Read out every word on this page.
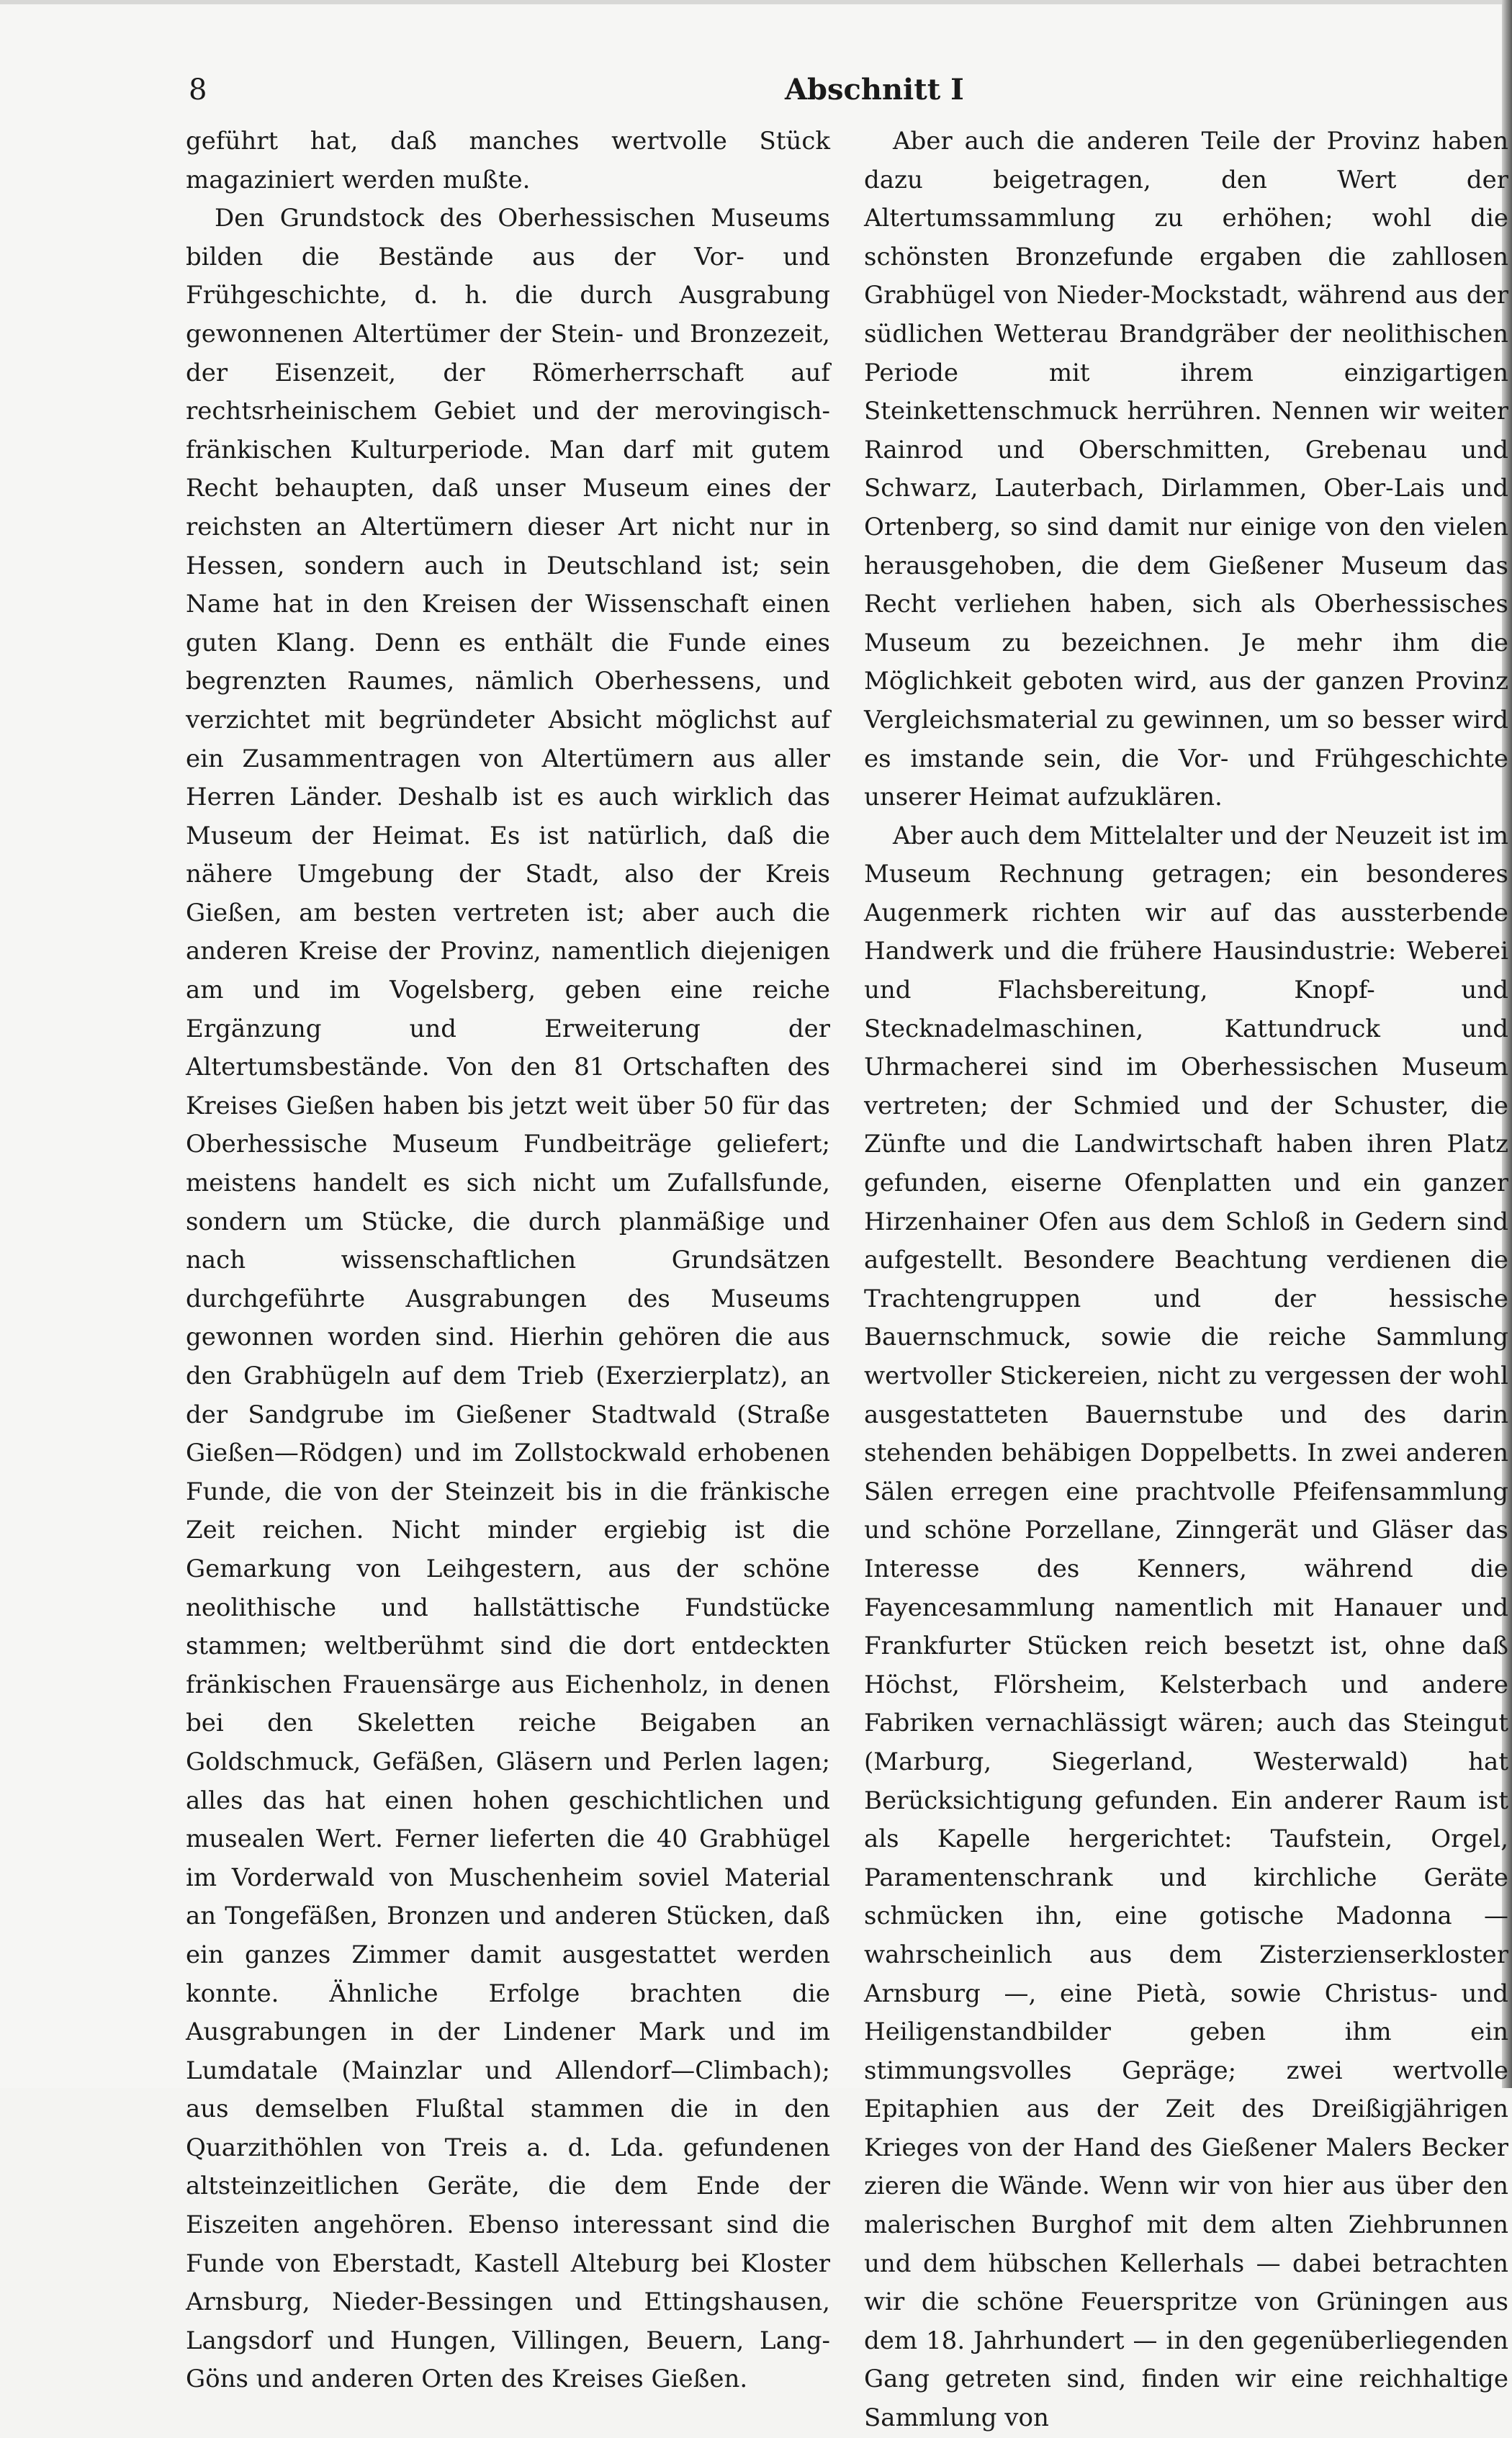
8	Abschnitt I

geführt hat, daß manches wertvolle Stück magaziniert werden mußte.

Den Grundstock des Oberhessischen Museums bilden die Bestände aus der Vor- und Frühgeschichte, d. h. die durch Ausgrabung gewonnenen Altertümer der Stein- und Bronzezeit, der Eisenzeit, der Römerherrschaft auf rechtsrheinischem Gebiet und der merovingisch-fränkischen Kulturperiode. Man darf mit gutem Recht behaupten, daß unser Museum eines der reichsten an Altertümern dieser Art nicht nur in Hessen, sondern auch in Deutschland ist; sein Name hat in den Kreisen der Wissenschaft einen guten Klang. Denn es enthält die Funde eines begrenzten Raumes, nämlich Oberhessens, und verzichtet mit begründeter Absicht möglichst auf ein Zusammentragen von Altertümern aus aller Herren Länder. Deshalb ist es auch wirklich das Museum der Heimat. Es ist natürlich, daß die nähere Umgebung der Stadt, also der Kreis Gießen, am besten vertreten ist; aber auch die anderen Kreise der Provinz, namentlich diejenigen am und im Vogelsberg, geben eine reiche Ergänzung und Erweiterung der Altertumsbestände. Von den 81 Ortschaften des Kreises Gießen haben bis jetzt weit über 50 für das Oberhessische Museum Fundbeiträge geliefert; meistens handelt es sich nicht um Zufallsfunde, sondern um Stücke, die durch planmäßige und nach wissenschaftlichen Grundsätzen durchgeführte Ausgrabungen des Museums gewonnen worden sind. Hierhin gehören die aus den Grabhügeln auf dem Trieb (Exerzierplatz), an der Sandgrube im Gießener Stadtwald (Straße Gießen—Rödgen) und im Zollstockwald erhobenen Funde, die von der Steinzeit bis in die fränkische Zeit reichen. Nicht minder ergiebig ist die Gemarkung von Leihgestern, aus der schöne neolithische und hallstättische Fundstücke stammen; weltberühmt sind die dort entdeckten fränkischen Frauensärge aus Eichenholz, in denen bei den Skeletten reiche Beigaben an Goldschmuck, Gefäßen, Gläsern und Perlen lagen; alles das hat einen hohen geschichtlichen und musealen Wert. Ferner lieferten die 40 Grabhügel im Vorderwald von Muschenheim soviel Material an Tongefäßen, Bronzen und anderen Stücken, daß ein ganzes Zimmer damit ausgestattet werden konnte. Ähnliche Erfolge brachten die Ausgrabungen in der Lindener Mark und im Lumdatale (Mainzlar und Allendorf—Climbach); aus demselben Flußtal stammen die in den Quarzithöhlen von Treis a. d. Lda. gefundenen altsteinzeitlichen Geräte, die dem Ende der Eiszeiten angehören. Ebenso interessant sind die Funde von Eberstadt, Kastell Alteburg bei Kloster Arnsburg, Nieder-Bessingen und Ettingshausen, Langsdorf und Hungen, Villingen, Beuern, Lang-Göns und anderen Orten des Kreises Gießen.

Aber auch die anderen Teile der Provinz haben dazu beigetragen, den Wert der Altertumssammlung zu erhöhen; wohl die schönsten Bronzefunde ergaben die zahllosen Grabhügel von Nieder-Mockstadt, während aus der südlichen Wetterau Brandgräber der neolithischen Periode mit ihrem einzigartigen Steinkettenschmuck herrühren. Nennen wir weiter Rainrod und Oberschmitten, Grebenau und Schwarz, Lauterbach, Dirlammen, Ober-Lais und Ortenberg, so sind damit nur einige von den vielen herausgehoben, die dem Gießener Museum das Recht verliehen haben, sich als Oberhessisches Museum zu bezeichnen. Je mehr ihm die Möglichkeit geboten wird, aus der ganzen Provinz Vergleichsmaterial zu gewinnen, um so besser wird es imstande sein, die Vor- und Frühgeschichte unserer Heimat aufzuklären.

Aber auch dem Mittelalter und der Neuzeit ist im Museum Rechnung getragen; ein besonderes Augenmerk richten wir auf das aussterbende Handwerk und die frühere Hausindustrie: Weberei und Flachsbereitung, Knopf- und Stecknadelmaschinen, Kattundruck und Uhrmacherei sind im Oberhessischen Museum vertreten; der Schmied und der Schuster, die Zünfte und die Landwirtschaft haben ihren Platz gefunden, eiserne Ofenplatten und ein ganzer Hirzenhainer Ofen aus dem Schloß in Gedern sind aufgestellt. Besondere Beachtung verdienen die Trachtengruppen und der hessische Bauernschmuck, sowie die reiche Sammlung wertvoller Stickereien, nicht zu vergessen der wohl ausgestatteten Bauernstube und des darin stehenden behäbigen Doppelbetts. In zwei anderen Sälen erregen eine prachtvolle Pfeifensammlung und schöne Porzellane, Zinngerät und Gläser das Interesse des Kenners, während die Fayencesammlung namentlich mit Hanauer und Frankfurter Stücken reich besetzt ist, ohne daß Höchst, Flörsheim, Kelsterbach und andere Fabriken vernachlässigt wären; auch das Steingut (Marburg, Siegerland, Westerwald) hat Berücksichtigung gefunden. Ein anderer Raum ist als Kapelle hergerichtet: Taufstein, Orgel, Paramentenschrank und kirchliche Geräte schmücken ihn, eine gotische Madonna — wahrscheinlich aus dem Zisterzienserkloster Arnsburg —, eine Pietà, sowie Christus- und Heiligenstandbilder geben ihm ein stimmungsvolles Gepräge; zwei wertvolle Epitaphien aus der Zeit des Dreißigjährigen Krieges von der Hand des Gießener Malers Becker zieren die Wände. Wenn wir von hier aus über den malerischen Burghof mit dem alten Ziehbrunnen und dem hübschen Kellerhals — dabei betrachten wir die schöne Feuerspritze von Grüningen aus dem 18. Jahrhundert — in den gegenüberliegenden Gang getreten sind, finden wir eine reichhaltige Sammlung von
